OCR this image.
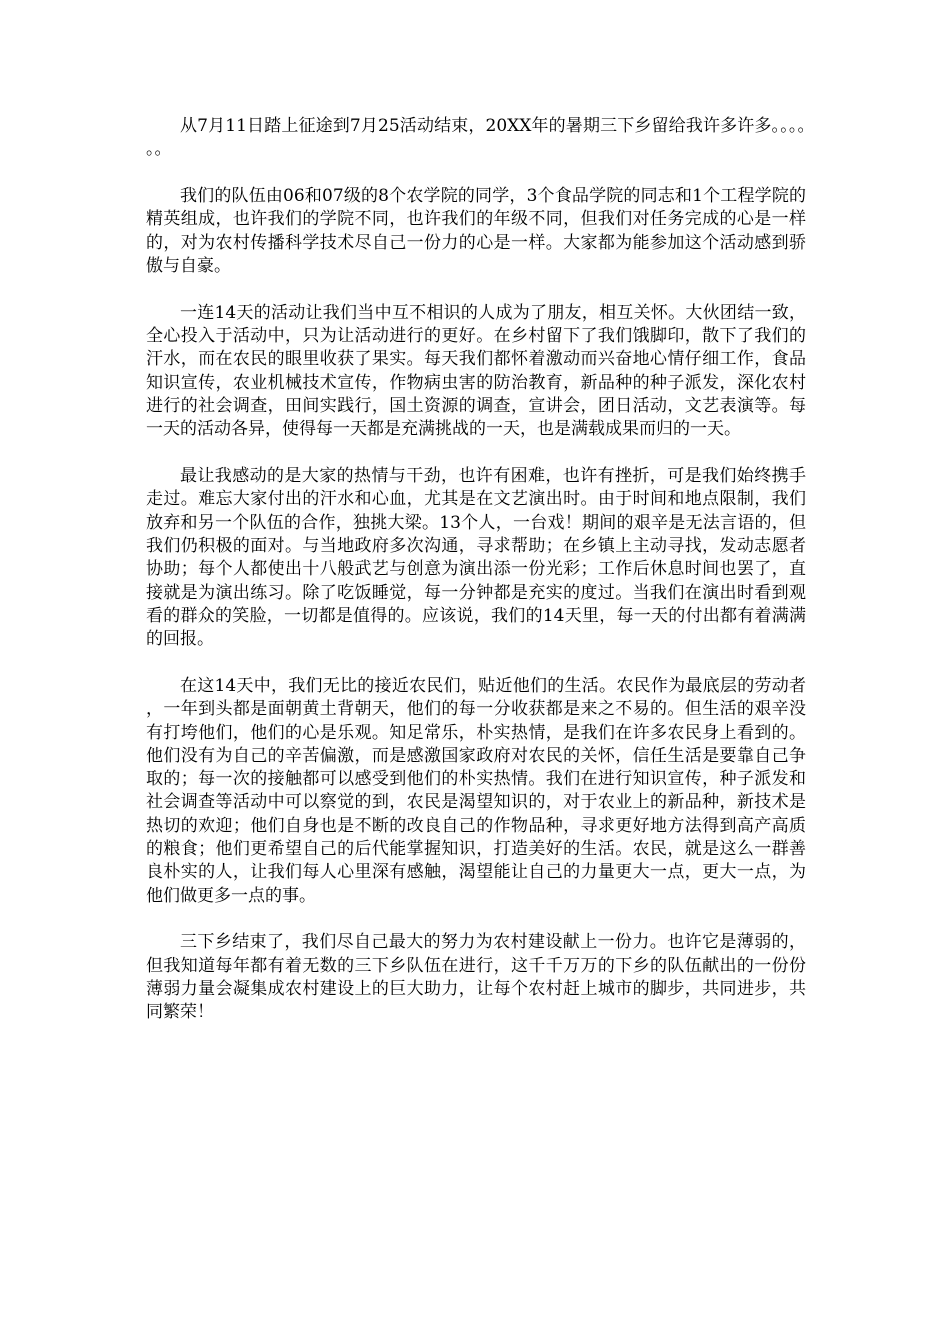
从7月11日踏上征途到7月25活动结束，20XX年的暑期三下乡留给我许多许多。。。。。。

我们的队伍由06和07级的8个农学院的同学，3个食品学院的同志和1个工程学院的精英组成，也许我们的学院不同，也许我们的年级不同，但我们对任务完成的心是一样的，对为农村传播科学技术尽自己一份力的心是一样。大家都为能参加这个活动感到骄傲与自豪。

一连14天的活动让我们当中互不相识的人成为了朋友，相互关怀。大伙团结一致，全心投入于活动中，只为让活动进行的更好。在乡村留下了我们饿脚印，散下了我们的汗水，而在农民的眼里收获了果实。每天我们都怀着激动而兴奋地心情仔细工作，食品知识宣传，农业机械技术宣传，作物病虫害的防治教育，新品种的种子派发，深化农村进行的社会调查，田间实践行，国土资源的调查，宣讲会，团日活动，文艺表演等。每一天的活动各异，使得每一天都是充满挑战的一天，也是满载成果而归的一天。

最让我感动的是大家的热情与干劲，也许有困难，也许有挫折，可是我们始终携手走过。难忘大家付出的汗水和心血，尤其是在文艺演出时。由于时间和地点限制，我们放弃和另一个队伍的合作，独挑大梁。13个人，一台戏！期间的艰辛是无法言语的，但我们仍积极的面对。与当地政府多次沟通，寻求帮助；在乡镇上主动寻找，发动志愿者协助；每个人都使出十八般武艺与创意为演出添一份光彩；工作后休息时间也罢了，直接就是为演出练习。除了吃饭睡觉，每一分钟都是充实的度过。当我们在演出时看到观看的群众的笑脸，一切都是值得的。应该说，我们的14天里，每一天的付出都有着满满的回报。

在这14天中，我们无比的接近农民们，贴近他们的生活。农民作为最底层的劳动者，一年到头都是面朝黄土背朝天，他们的每一分收获都是来之不易的。但生活的艰辛没有打垮他们，他们的心是乐观。知足常乐，朴实热情，是我们在许多农民身上看到的。他们没有为自己的辛苦偏激，而是感激国家政府对农民的关怀，信任生活是要靠自己争取的；每一次的接触都可以感受到他们的朴实热情。我们在进行知识宣传，种子派发和社会调查等活动中可以察觉的到，农民是渴望知识的，对于农业上的新品种，新技术是热切的欢迎；他们自身也是不断的改良自己的作物品种，寻求更好地方法得到高产高质的粮食；他们更希望自己的后代能掌握知识，打造美好的生活。农民，就是这么一群善良朴实的人，让我们每人心里深有感触，渴望能让自己的力量更大一点，更大一点，为他们做更多一点的事。

三下乡结束了，我们尽自己最大的努力为农村建设献上一份力。也许它是薄弱的，但我知道每年都有着无数的三下乡队伍在进行，这千千万万的下乡的队伍献出的一份份薄弱力量会凝集成农村建设上的巨大助力，让每个农村赶上城市的脚步，共同进步，共同繁荣！
